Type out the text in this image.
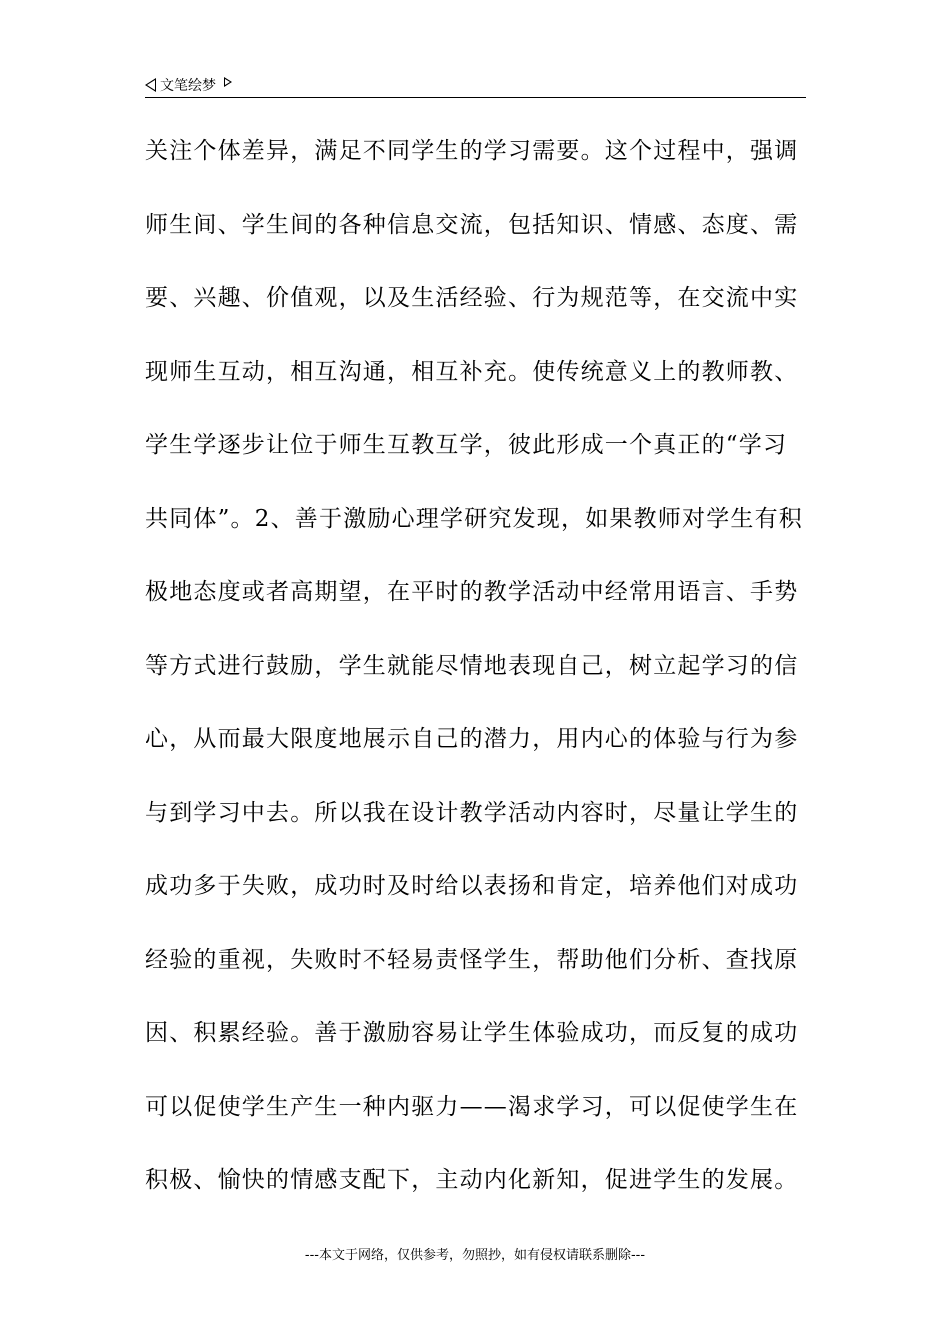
文笔绘梦
关注个体差异，满足不同学生的学习需要。这个过程中，强调
师生间、学生间的各种信息交流，包括知识、情感、态度、需
要、兴趣、价值观，以及生活经验、行为规范等，在交流中实
现师生互动，相互沟通，相互补充。使传统意义上的教师教、
学生学逐步让位于师生互教互学，彼此形成一个真正的“学习
共同体”。2、善于激励心理学研究发现，如果教师对学生有积
极地态度或者高期望，在平时的教学活动中经常用语言、手势
等方式进行鼓励，学生就能尽情地表现自己，树立起学习的信
心，从而最大限度地展示自己的潜力，用内心的体验与行为参
与到学习中去。所以我在设计教学活动内容时，尽量让学生的
成功多于失败，成功时及时给以表扬和肯定，培养他们对成功
经验的重视，失败时不轻易责怪学生，帮助他们分析、查找原
因、积累经验。善于激励容易让学生体验成功，而反复的成功
可以促使学生产生一种内驱力——渴求学习，可以促使学生在
积极、愉快的情感支配下，主动内化新知，促进学生的发展。
---本文于网络，仅供参考，勿照抄，如有侵权请联系删除---
